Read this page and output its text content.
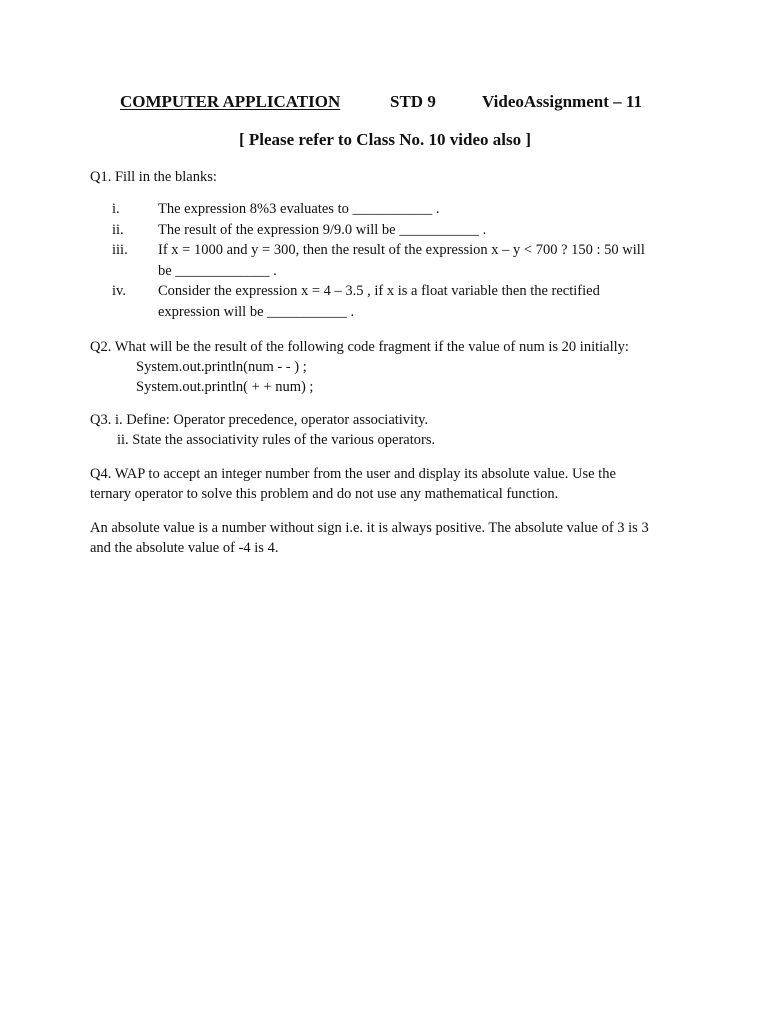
COMPUTER APPLICATION	STD 9	VideoAssignment – 11
[ Please refer to Class No. 10 video also ]
Q1. Fill in the blanks:
i.	The expression 8%3 evaluates to ___________ .
ii. The result of the expression 9/9.0 will be ___________ .
iii. If x = 1000 and y = 300, then the result of the expression x – y < 700 ? 150 : 50 will
be _____________ .
iv. Consider the expression x = 4 – 3.5 , if x is a float variable then the rectified
expression will be ___________ .
Q2. What will be the result of the following code fragment if the value of num is 20 initially:
System.out.println(num - - ) ;
System.out.println( + + num) ;
Q3. i. Define: Operator precedence, operator associativity.
ii. State the associativity rules of the various operators.
Q4. WAP to accept an integer number from the user and display its absolute value. Use the
ternary operator to solve this problem and do not use any mathematical function.
An absolute value is a number without sign i.e. it is always positive. The absolute value of 3 is 3
and the absolute value of -4 is 4.
